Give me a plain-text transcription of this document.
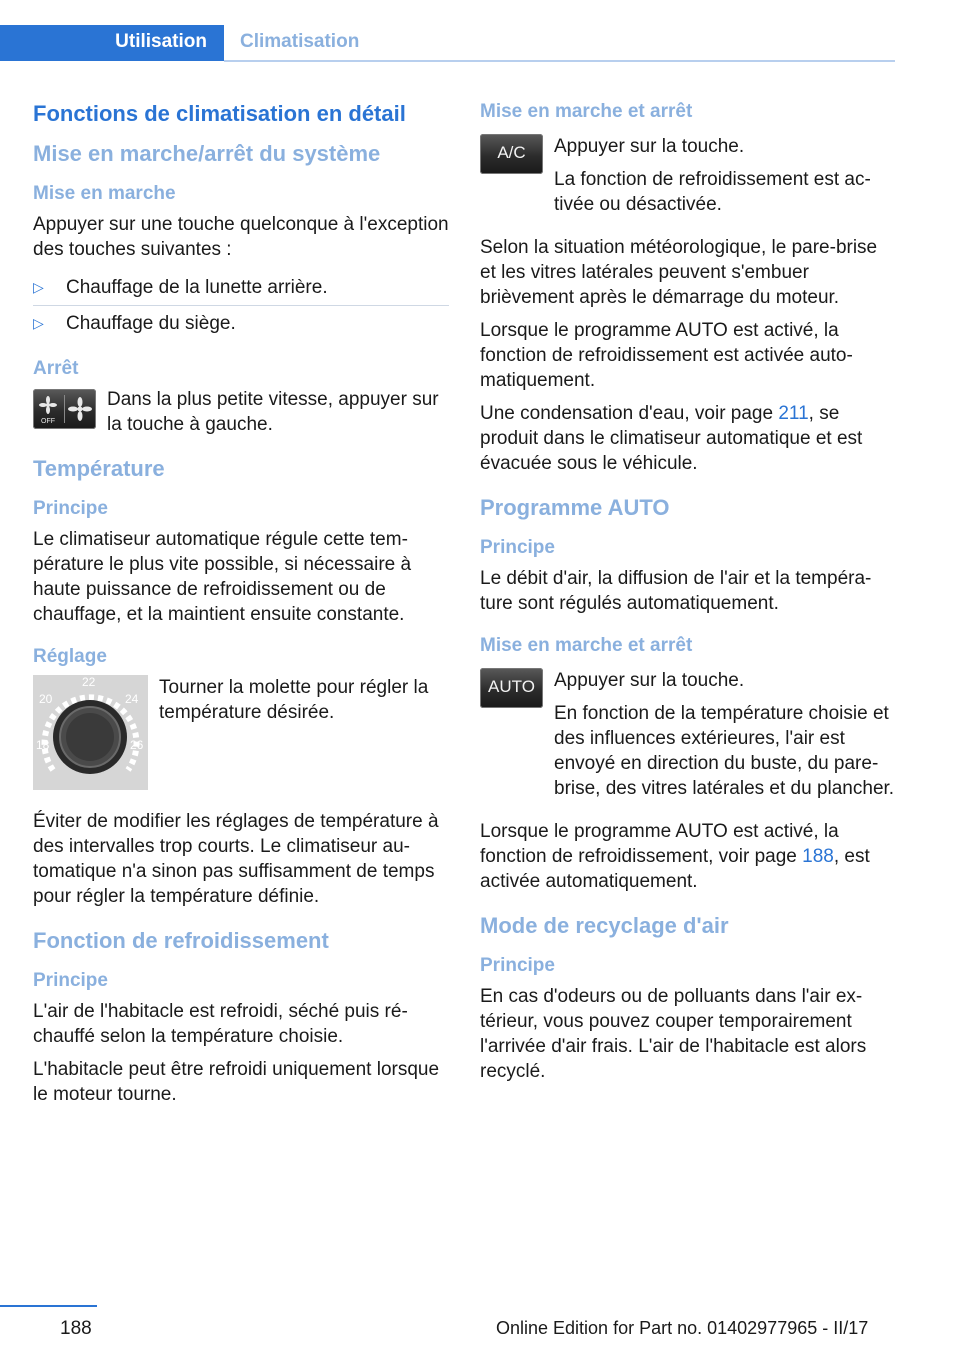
Utilisation Climatisation
Fonctions de climatisation en détail
Mise en marche/arrêt du système
Mise en marche

Appuyer sur une touche quelconque à l'exception des touches suivantes :

▷ Chauffage de la lunette arrière.
▷ Chauffage du siège.
Arrêt
OFF

Dans la plus petite vitesse, appuyer sur la touche à gauche.

Température
Principe

Le climatiseur automatique régule cette température le plus vite possible, si nécessaire à haute puissance de refroidissement ou de chauffage, et la maintient ensuite constante.

Réglage
18
20
22
24
26

Tourner la molette pour régler la température désirée.

Éviter de modifier les réglages de température à des intervalles trop courts. Le climatiseur automatique n'a sinon pas suffisamment de temps pour régler la température définie.

Fonction de refroidissement
Principe

L'air de l'habitacle est refroidi, séché puis réchauffé selon la température choisie.

L'habitacle peut être refroidi uniquement lorsque le moteur tourne.

Mise en marche et arrêt
A/C	Appuyer sur la touche.

La fonction de refroidissement est activée ou désactivée.

Selon la situation météorologique, le pare-brise et les vitres latérales peuvent s'embuer brièvement après le démarrage du moteur.

Lorsque le programme AUTO est activé, la fonction de refroidissement est activée automatiquement.

Une condensation d'eau, voir page 211, se produit dans le climatiseur automatique et est évacuée sous le véhicule.

Programme AUTO
Principe

Le débit d'air, la diffusion de l'air et la température sont régulés automatiquement.

Mise en marche et arrêt
AUTO	Appuyer sur la touche.

En fonction de la température choisie et des influences extérieures, l'air est envoyé en direction du buste, du pare-brise, des vitres latérales et du plancher.

Lorsque le programme AUTO est activé, la fonction de refroidissement, voir page 188, est activée automatiquement.

Mode de recyclage d'air
Principe

En cas d'odeurs ou de polluants dans l'air extérieur, vous pouvez couper temporairement l'arrivée d'air frais. L'air de l'habitacle est alors recyclé.

188	Online Edition for Part no. 01402977965 - II/17
